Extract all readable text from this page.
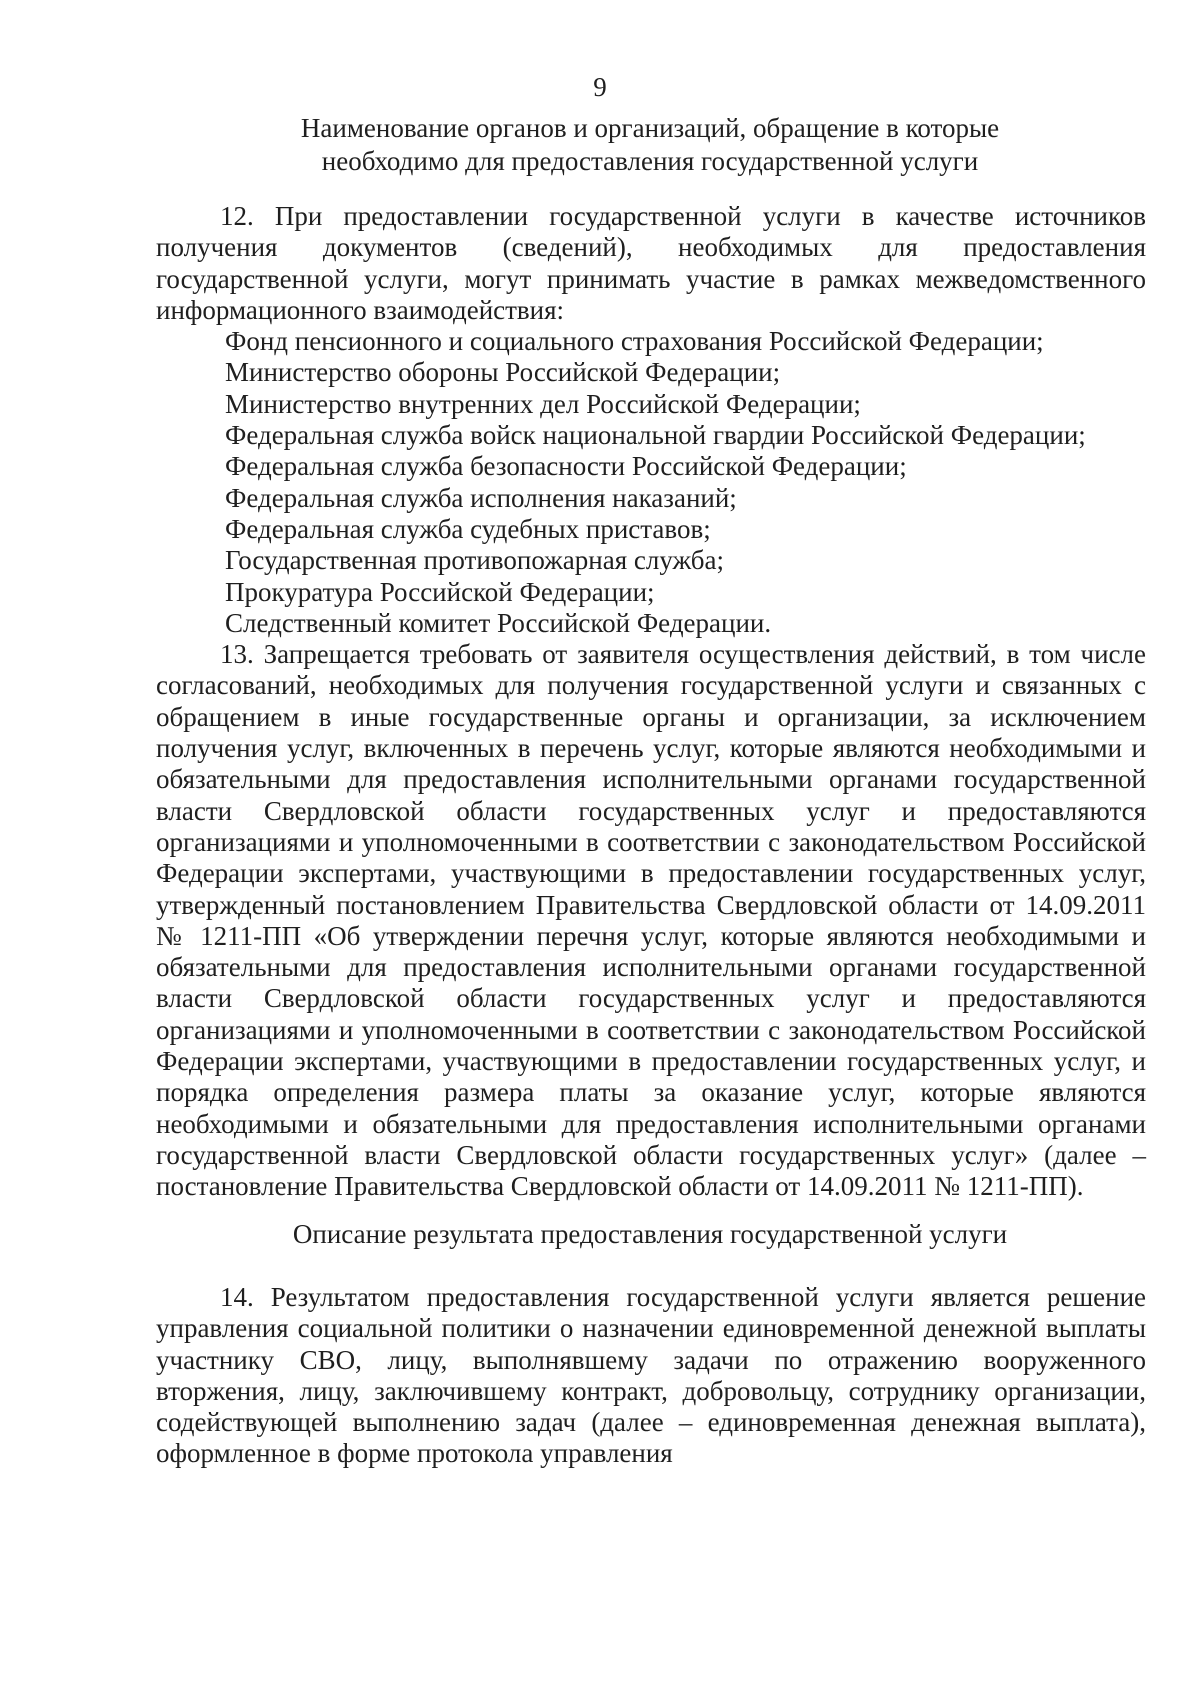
9
Наименование органов и организаций, обращение в которые
необходимо для предоставления государственной услуги

12. При предоставлении государственной услуги в качестве источников получения документов (сведений), необходимых для предоставления государственной услуги, могут принимать участие в рамках межведомственного информационного взаимодействия:

Фонд пенсионного и социального страхования Российской Федерации;
Министерство обороны Российской Федерации;
Министерство внутренних дел Российской Федерации;
Федеральная служба войск национальной гвардии Российской Федерации;
Федеральная служба безопасности Российской Федерации;
Федеральная служба исполнения наказаний;
Федеральная служба судебных приставов;
Государственная противопожарная служба;
Прокуратура Российской Федерации;
Следственный комитет Российской Федерации.

13. Запрещается требовать от заявителя осуществления действий, в том числе согласований, необходимых для получения государственной услуги и связанных с обращением в иные государственные органы и организации, за исключением получения услуг, включенных в перечень услуг, которые являются необходимыми и обязательными для предоставления исполнительными органами государственной власти Свердловской области государственных услуг и предоставляются организациями и уполномоченными в соответствии с законодательством Российской Федерации экспертами, участвующими в предоставлении государственных услуг, утвержденный постановлением Правительства Свердловской области от 14.09.2011 № 1211-ПП «Об утверждении перечня услуг, которые являются необходимыми и обязательными для предоставления исполнительными органами государственной власти Свердловской области государственных услуг и предоставляются организациями и уполномоченными в соответствии с законодательством Российской Федерации экспертами, участвующими в предоставлении государственных услуг, и порядка определения размера платы за оказание услуг, которые являются необходимыми и обязательными для предоставления исполнительными органами государственной власти Свердловской области государственных услуг» (далее – постановление Правительства Свердловской области от 14.09.2011 № 1211-ПП).

Описание результата предоставления государственной услуги

14. Результатом предоставления государственной услуги является решение управления социальной политики о назначении единовременной денежной выплаты участнику СВО, лицу, выполнявшему задачи по отражению вооруженного вторжения, лицу, заключившему контракт, добровольцу, сотруднику организации, содействующей выполнению задач (далее – единовременная денежная выплата), оформленное в форме протокола управления
